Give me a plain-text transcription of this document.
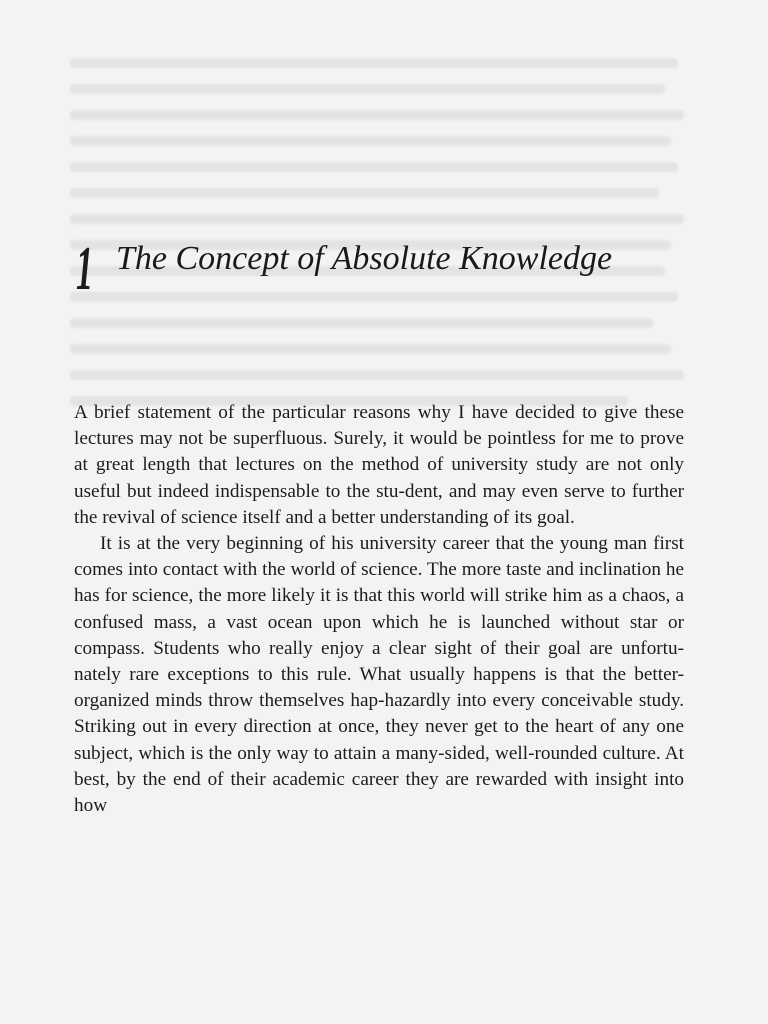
1 The Concept of Absolute Knowledge

A brief statement of the particular reasons why I have decided to give these lectures may not be superfluous. Surely, it would be pointless for me to prove at great length that lectures on the method of university study are not only useful but indeed indispensable to the stu-dent, and may even serve to further the revival of science itself and a better understanding of its goal.

It is at the very beginning of his university career that the young man first comes into contact with the world of science. The more taste and inclination he has for science, the more likely it is that this world will strike him as a chaos, a confused mass, a vast ocean upon which he is launched without star or compass. Students who really enjoy a clear sight of their goal are unfortu-nately rare exceptions to this rule. What usually happens is that the better-organized minds throw themselves hap-hazardly into every conceivable study. Striking out in every direction at once, they never get to the heart of any one subject, which is the only way to attain a many-sided, well-rounded culture. At best, by the end of their academic career they are rewarded with insight into how
